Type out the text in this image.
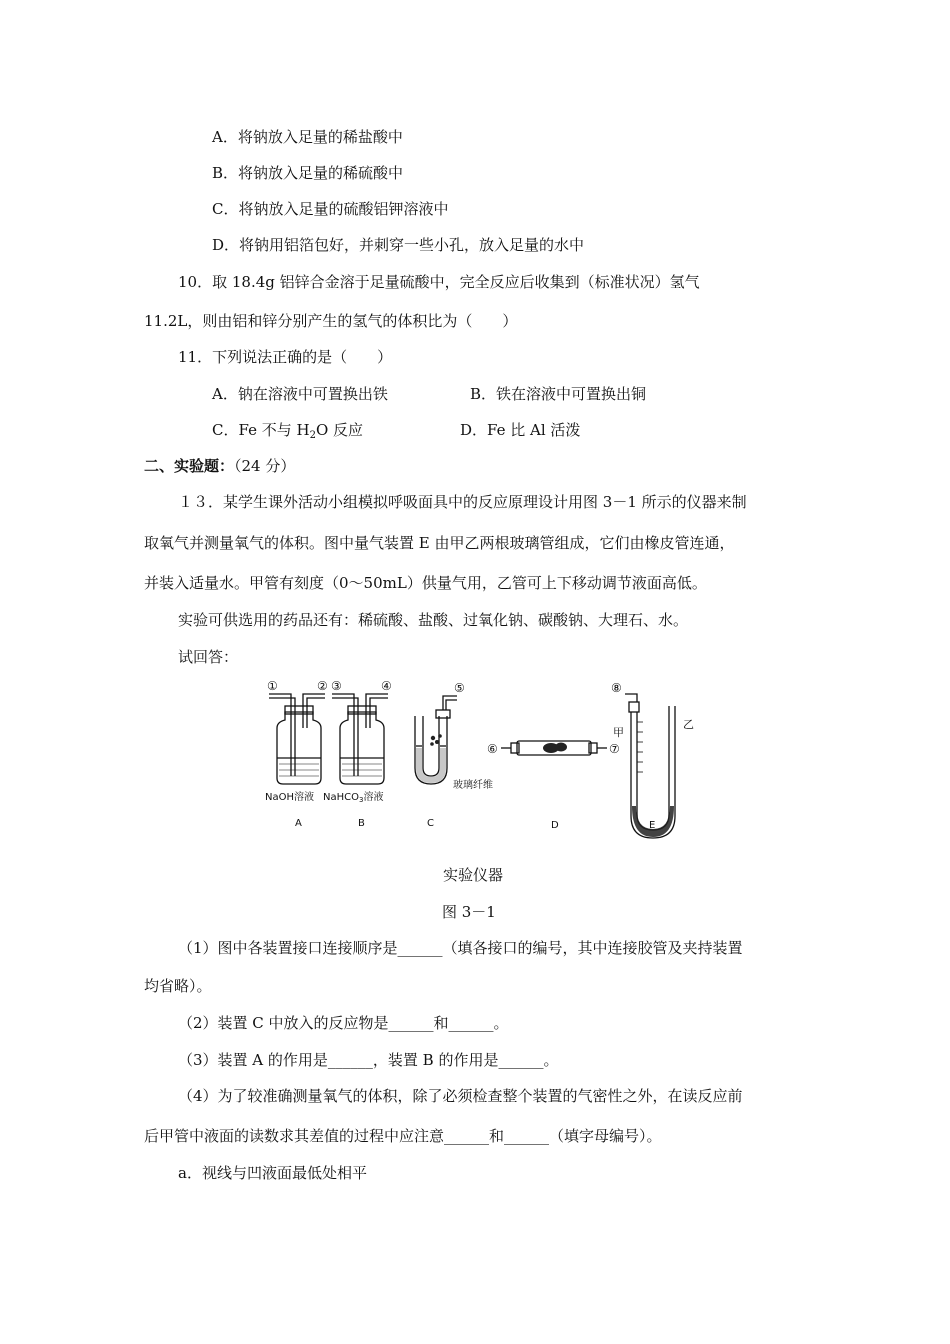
A．将钠放入足量的稀盐酸中
B．将钠放入足量的稀硫酸中
C．将钠放入足量的硫酸铝钾溶液中
D．将钠用铝箔包好，并刺穿一些小孔，放入足量的水中
10．取 18.4g 铝锌合金溶于足量硫酸中，完全反应后收集到（标准状况）氢气
11.2L，则由铝和锌分别产生的氢气的体积比为（　　）
11．下列说法正确的是（　　）
A．钠在溶液中可置换出铁	B．铁在溶液中可置换出铜
C．Fe 不与 $H_2O$ 反应	D．Fe 比 Al 活泼
二、实验题：（24 分）
１３．某学生课外活动小组模拟呼吸面具中的反应原理设计用图 3－1 所示的仪器来制
取氧气并测量氧气的体积。图中量气装置 E 由甲乙两根玻璃管组成，它们由橡皮管连通，
并装入适量水。甲管有刻度（0～50mL）供量气用，乙管可上下移动调节液面高低。
实验可供选用的药品还有：稀硫酸、盐酸、过氧化钠、碳酸钠、大理石、水。
试回答：
①	② ③	④	⑤
⑥	⑦
⑧
NaOH溶液 NaHCO$_3$溶液
玻璃纤维
甲
乙
A	B	C	D	E
实验仪器
图 3－1
（1）图中各装置接口连接顺序是______（填各接口的编号，其中连接胶管及夹持装置
均省略）。
（2）装置 C 中放入的反应物是______和______。
（3）装置 A 的作用是______，装置 B 的作用是______。
（4）为了较准确测量氧气的体积，除了必须检查整个装置的气密性之外，在读反应前
后甲管中液面的读数求其差值的过程中应注意______和______（填字母编号）。
a．视线与凹液面最低处相平
